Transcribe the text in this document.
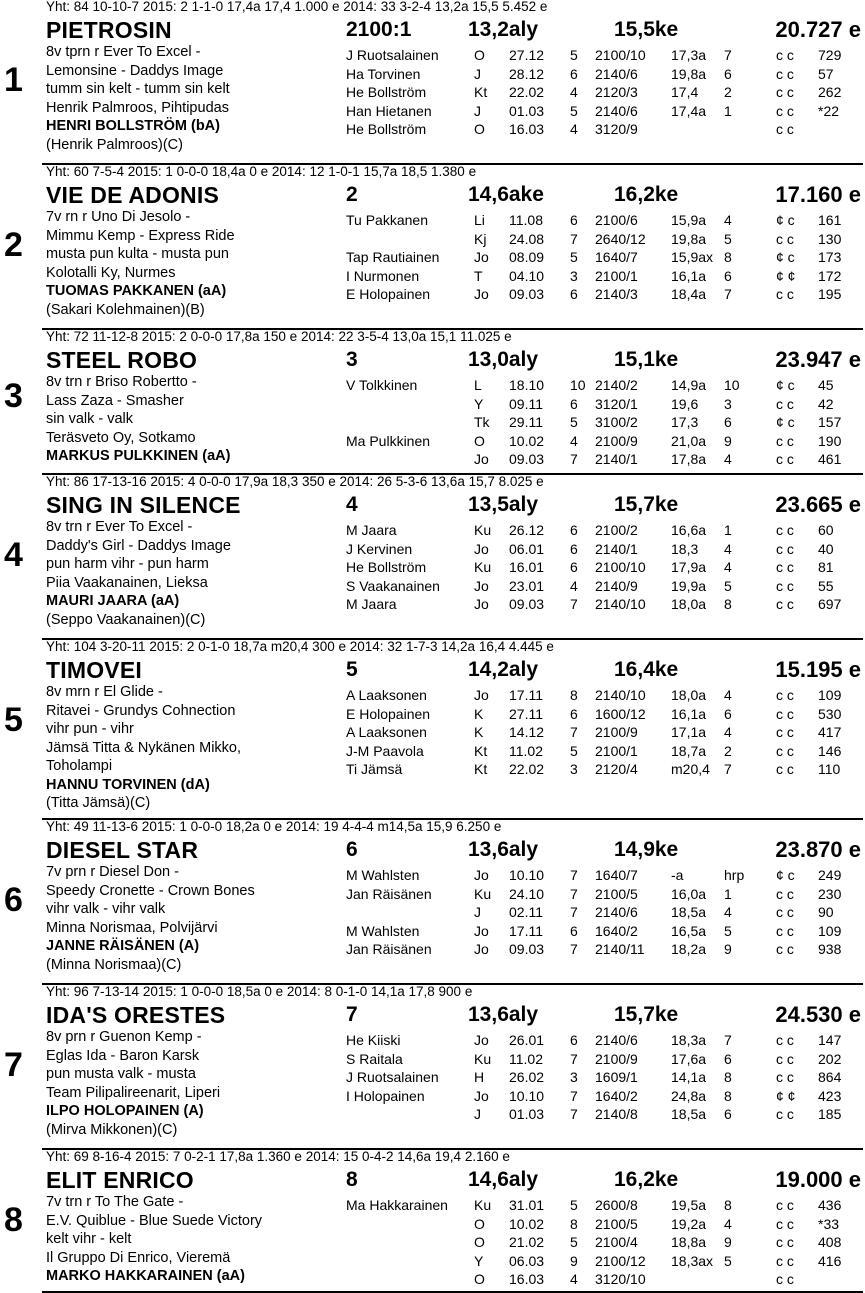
Yht: 84 10-10-7 2015: 2 1-1-0 17,4a 17,4 1.000 e 2014: 33 3-2-4 13,2a 15,5 5.452 e
1
PIETROSIN	2100:1	13,2aly	15,5ke	20.727 e
8v tprn r Ever To Excel -
Lemonsine - Daddys Image
tumm sin kelt - tumm sin kelt
Henrik Palmroos, Pihtipudas
HENRI BOLLSTRÖM (bA)
(Henrik Palmroos)(C)
J Ruotsalainen	O 27.12 5 2100/10 17,3a 7	c c 729
Ha Torvinen	J 28.12 6 2140/6 19,8a 6	c c 57
He Bollström	Kt 22.02 4 2120/3 17,4 2	c c 262
Han Hietanen	J 01.03 5 2140/6 17,4a 1	c c *22
He Bollström	O 16.03 4 3120/9	c c
Yht: 60 7-5-4 2015: 1 0-0-0 18,4a 0 e 2014: 12 1-0-1 15,7a 18,5 1.380 e
2
VIE DE ADONIS	2	14,6ake	16,2ke	17.160 e
7v rn r Uno Di Jesolo -
Mimmu Kemp - Express Ride
musta pun kulta - musta pun
Kolotalli Ky, Nurmes
TUOMAS PAKKANEN (aA)
(Sakari Kolehmainen)(B)
Tu Pakkanen	Li 11.08 6 2100/6 15,9a 4	¢ c 161
Kj 24.08 7 2640/12 19,8a 5	c c 130
Tap Rautiainen Jo 08.09 5 1640/7 15,9ax 8	¢ c 173
I Nurmonen	T 04.10 3 2100/1 16,1a 6	¢ ¢ 172
E Holopainen	Jo 09.03 6 2140/3 18,4a 7	c c 195
Yht: 72 11-12-8 2015: 2 0-0-0 17,8a 150 e 2014: 22 3-5-4 13,0a 15,1 11.025 e
3
STEEL ROBO	3	13,0aly	15,1ke	23.947 e
8v trn r Briso Robertto -
Lass Zaza - Smasher
sin valk - valk
Teräsveto Oy, Sotkamo
MARKUS PULKKINEN (aA)
V Tolkkinen	L 18.10 10 2140/2 14,9a 10	¢ c 45
Y 09.11 6 3120/1 19,6 3	c c 42
Tk 29.11 5 3100/2 17,3 6	¢ c 157
Ma Pulkkinen	O 10.02 4 2100/9 21,0a 9	c c 190
Jo 09.03 7 2140/1 17,8a 4	c c 461
Yht: 86 17-13-16 2015: 4 0-0-0 17,9a 18,3 350 e 2014: 26 5-3-6 13,6a 15,7 8.025 e
4
SING IN SILENCE	4	13,5aly	15,7ke	23.665 e
8v trn r Ever To Excel -
Daddy's Girl - Daddys Image
pun harm vihr - pun harm
Piia Vaakanainen, Lieksa
MAURI JAARA (aA)
(Seppo Vaakanainen)(C)
M Jaara	Ku 26.12 6 2100/2 16,6a 1	c c 60
J Kervinen	Jo 06.01 6 2140/1 18,3 4	c c 40
He Bollström	Ku 16.01 6 2100/10 17,9a 4	c c 81
S Vaakanainen Jo 23.01 4 2140/9 19,9a 5	c c 55
M Jaara	Jo 09.03 7 2140/10 18,0a 8	c c 697
Yht: 104 3-20-11 2015: 2 0-1-0 18,7a m20,4 300 e 2014: 32 1-7-3 14,2a 16,4 4.445 e
5
TIMOVEI	5	14,2aly	16,4ke	15.195 e
8v mrn r El Glide -
Ritavei - Grundys Cohnection
vihr pun - vihr
Jämsä Titta & Nykänen Mikko,
Toholampi
HANNU TORVINEN (dA)
(Titta Jämsä)(C)
A Laaksonen	Jo 17.11 8 2140/10 18,0a 4	c c 109
E Holopainen	K 27.11 6 1600/12 16,1a 6	c c 530
A Laaksonen	K 14.12 7 2100/9 17,1a 4	c c 417
J-M Paavola	Kt 11.02 5 2100/1 18,7a 2	c c 146
Ti Jämsä	Kt 22.02 3 2120/4 m20,4 7	c c 110
Yht: 49 11-13-6 2015: 1 0-0-0 18,2a 0 e 2014: 19 4-4-4 m14,5a 15,9 6.250 e
6
DIESEL STAR	6	13,6aly	14,9ke	23.870 e
7v prn r Diesel Don -
Speedy Cronette - Crown Bones
vihr valk - vihr valk
Minna Norismaa, Polvijärvi
JANNE RÄISÄNEN (A)
(Minna Norismaa)(C)
M Wahlsten	Jo 10.10 7 1640/7 -a	hrp ¢ c 249
Jan Räisänen	Ku 24.10 7 2100/5 16,0a 1	c c 230
J 02.11 7 2140/6 18,5a 4	c c 90
M Wahlsten	Jo 17.11 6 1640/2 16,5a 5	c c 109
Jan Räisänen	Jo 09.03 7 2140/11 18,2a 9	c c 938
Yht: 96 7-13-14 2015: 1 0-0-0 18,5a 0 e 2014: 8 0-1-0 14,1a 17,8 900 e
7
IDA'S ORESTES	7	13,6aly	15,7ke	24.530 e
8v prn r Guenon Kemp -
Eglas Ida - Baron Karsk
pun musta valk - musta
Team Pilipalireenarit, Liperi
ILPO HOLOPAINEN (A)
(Mirva Mikkonen)(C)
He Kiiski	Jo 26.01 6 2140/6 18,3a 7	c c 147
S Raitala	Ku 11.02 7 2100/9 17,6a 6	c c 202
J Ruotsalainen	H 26.02 3 1609/1 14,1a 8	c c 864
I Holopainen	Jo 10.10 7 1640/2 24,8a 8	¢ ¢ 423
J 01.03 7 2140/8 18,5a 6	c c 185
Yht: 69 8-16-4 2015: 7 0-2-1 17,8a 1.360 e 2014: 15 0-4-2 14,6a 19,4 2.160 e
8
ELIT ENRICO	8	14,6aly	16,2ke	19.000 e
7v trn r To The Gate -
E.V. Quiblue - Blue Suede Victory
kelt vihr - kelt
Il Gruppo Di Enrico, Vieremä
MARKO HAKKARAINEN (aA)
Ma Hakkarainen Ku 31.01 5 2600/8 19,5a 8	c c 436
O 10.02 8 2100/5 19,2a 4	c c *33
O 21.02 5 2100/4 18,8a 9	c c 408
Y 06.03 9 2100/12 18,3ax 5	c c 416
O 16.03 4 3120/10	c c
